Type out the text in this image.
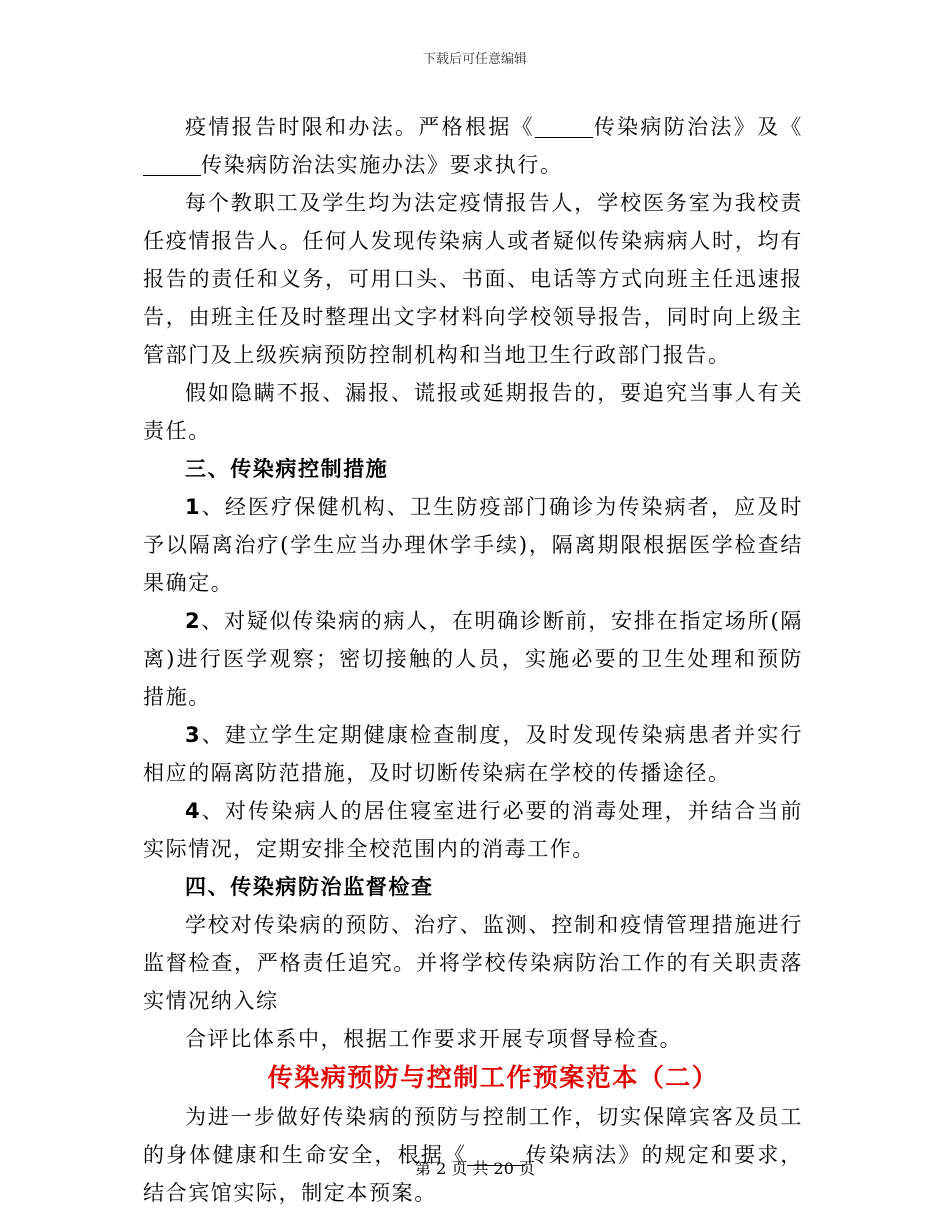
下载后可任意编辑

疫情报告时限和办法。严格根据《	传染病防治法》及《传染病防治法实施办法》要求执行。

每个教职工及学生均为法定疫情报告人，学校医务室为我校责任疫情报告人。任何人发现传染病人或者疑似传染病病人时，均有报告的责任和义务，可用口头、书面、电话等方式向班主任迅速报告，由班主任及时整理出文字材料向学校领导报告，同时向上级主管部门及上级疾病预防控制机构和当地卫生行政部门报告。

假如隐瞒不报、漏报、谎报或延期报告的，要追究当事人有关责任。

三、传染病控制措施

1、经医疗保健机构、卫生防疫部门确诊为传染病者，应及时予以隔离治疗(学生应当办理休学手续)，隔离期限根据医学检查结果确定。

2、对疑似传染病的病人，在明确诊断前，安排在指定场所(隔离)进行医学观察；密切接触的人员，实施必要的卫生处理和预防措施。

3、建立学生定期健康检查制度，及时发现传染病患者并实行相应的隔离防范措施，及时切断传染病在学校的传播途径。

4、对传染病人的居住寝室进行必要的消毒处理，并结合当前实际情况，定期安排全校范围内的消毒工作。

四、传染病防治监督检查

学校对传染病的预防、治疗、监测、控制和疫情管理措施进行监督检查，严格责任追究。并将学校传染病防治工作的有关职责落实情况纳入综

合评比体系中，根据工作要求开展专项督导检查。

传染病预防与控制工作预案范本（二）

为进一步做好传染病的预防与控制工作，切实保障宾客及员工的身体健康和生命安全，根据《	传染病法》的规定和要求，结合宾馆实际，制定本预案。

第 2 页 共 20 页
